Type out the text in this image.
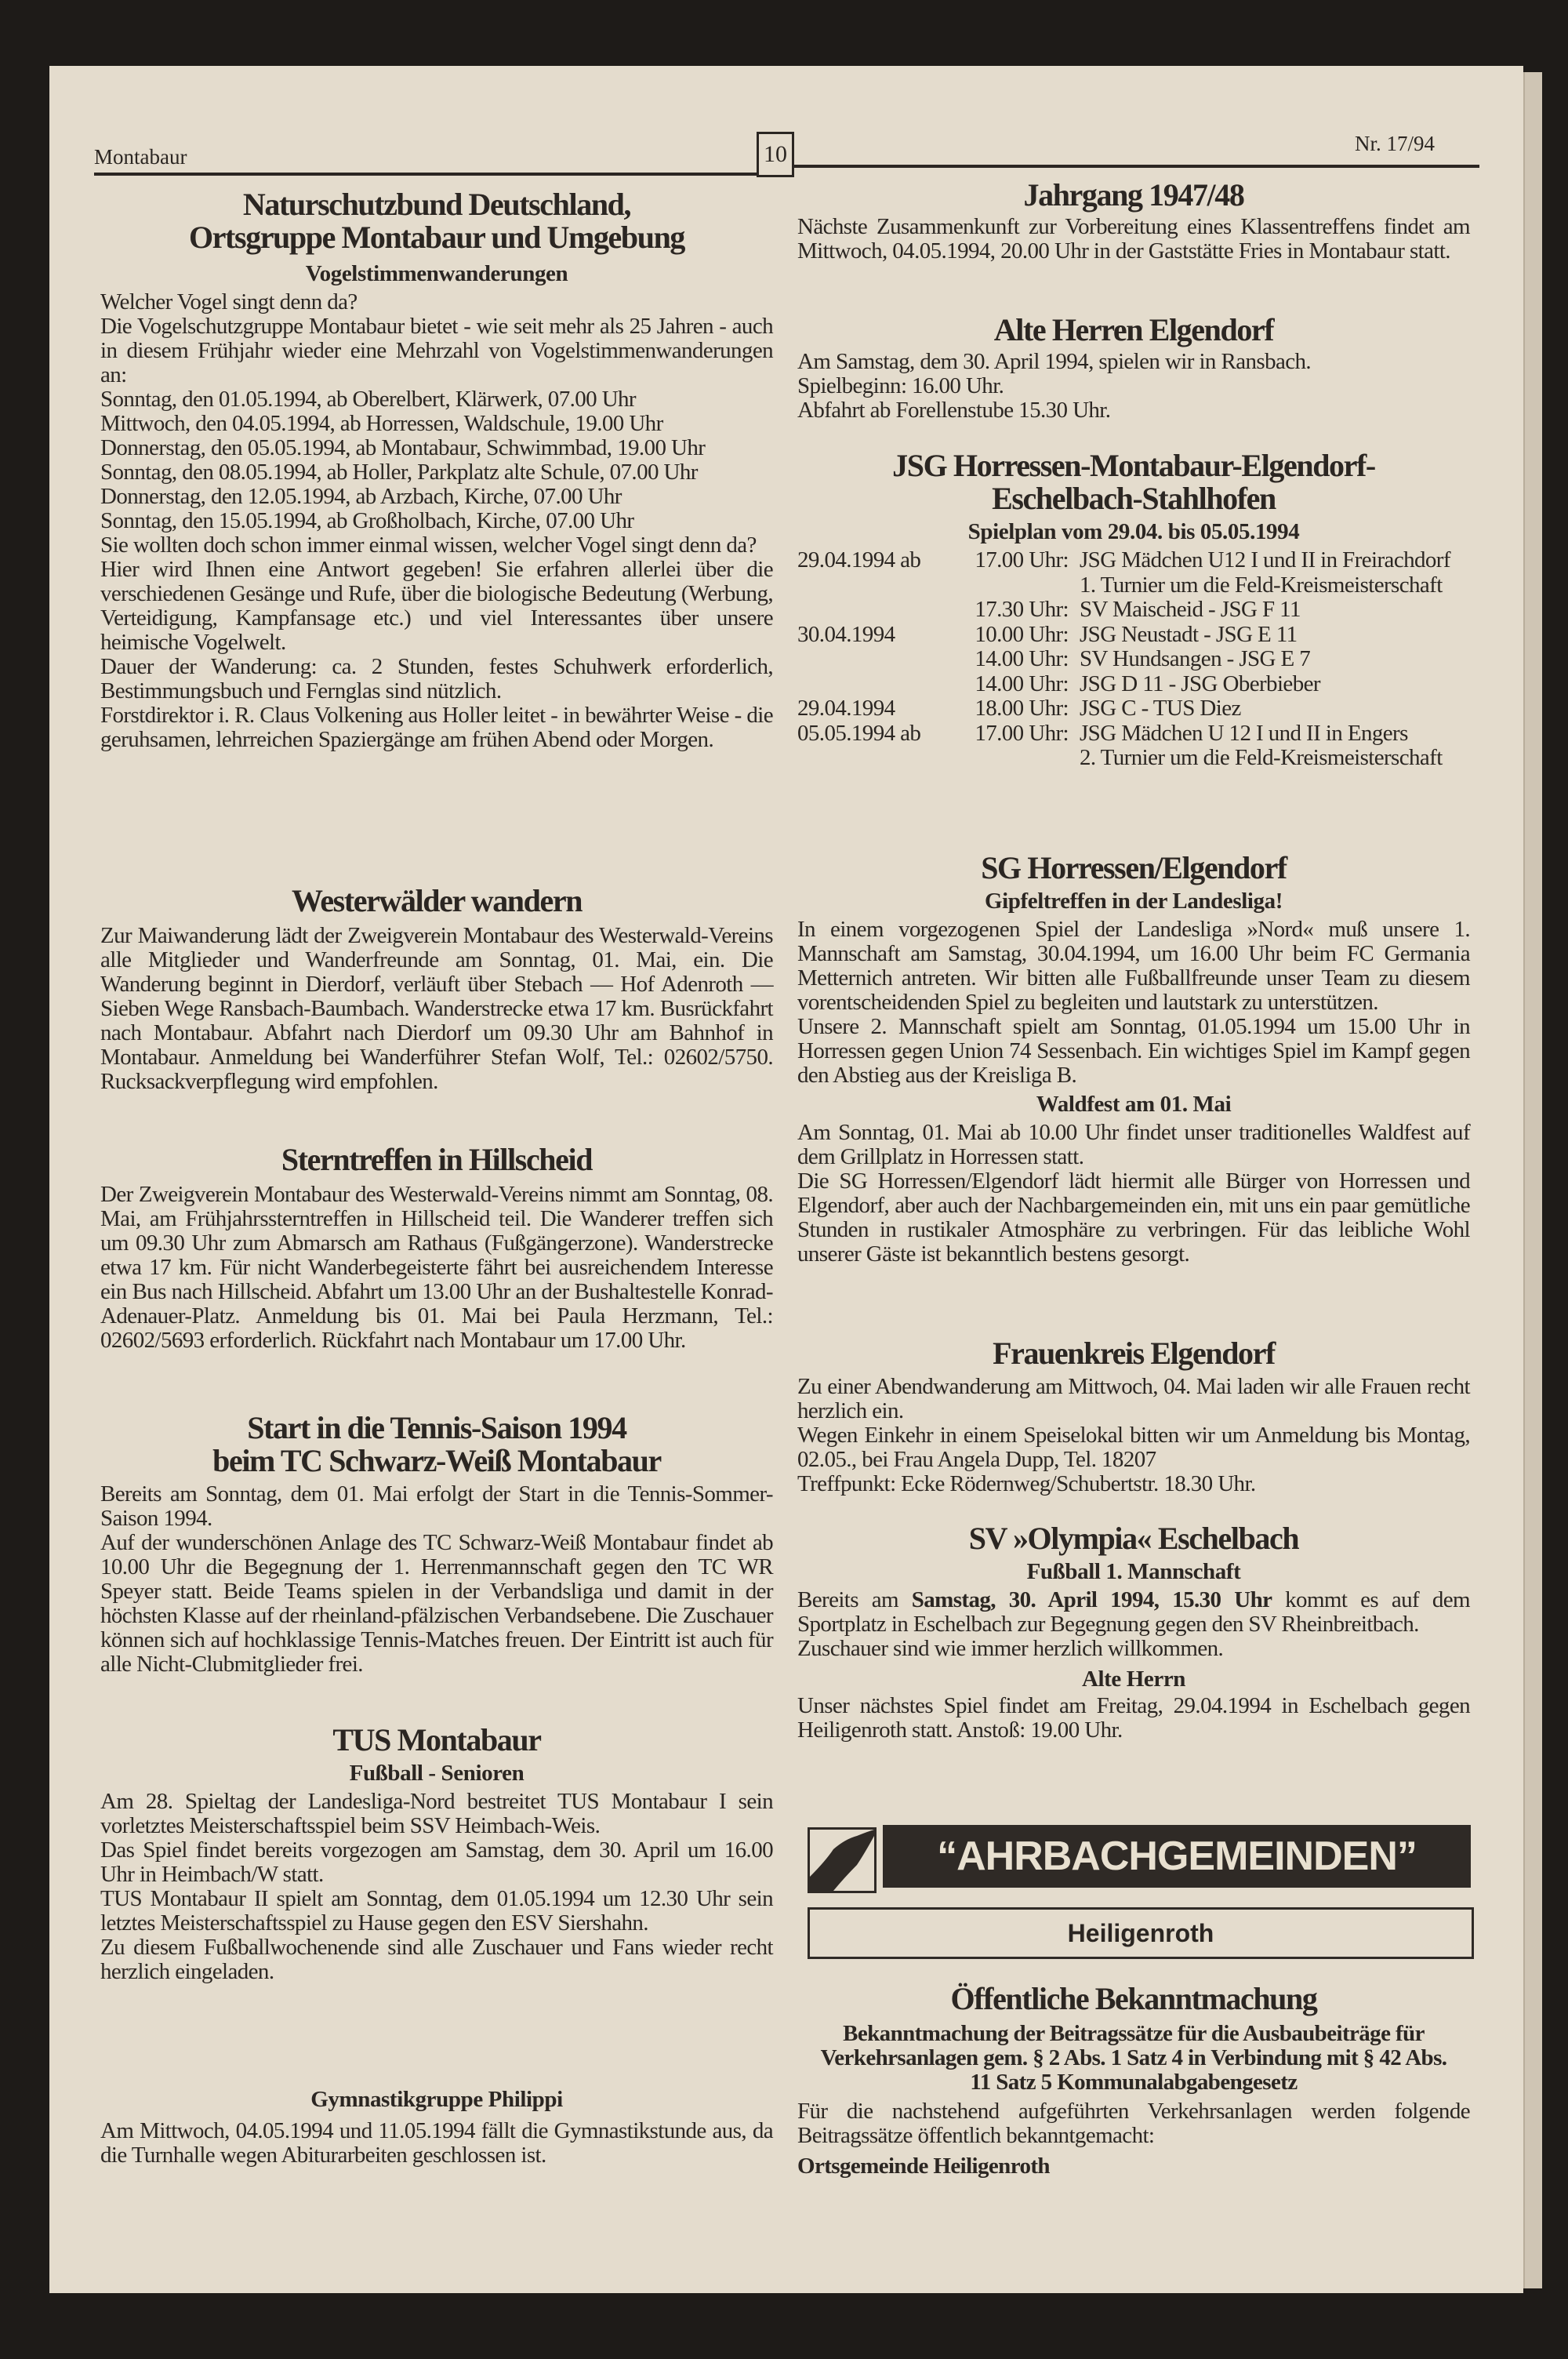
Montabaur
Nr. 17/94
10
Naturschutzbund Deutschland,
Ortsgruppe Montabaur und Umgebung
Vogelstimmenwanderungen

Welcher Vogel singt denn da?

Die Vogelschutzgruppe Montabaur bietet - wie seit mehr als 25 Jahren - auch in diesem Frühjahr wieder eine Mehrzahl von Vogelstimmenwanderungen an:

Sonntag, den 01.05.1994, ab Oberelbert, Klärwerk, 07.00 Uhr

Mittwoch, den 04.05.1994, ab Horressen, Waldschule, 19.00 Uhr

Donnerstag, den 05.05.1994, ab Montabaur, Schwimmbad, 19.00 Uhr

Sonntag, den 08.05.1994, ab Holler, Parkplatz alte Schule, 07.00 Uhr

Donnerstag, den 12.05.1994, ab Arzbach, Kirche, 07.00 Uhr

Sonntag, den 15.05.1994, ab Großholbach, Kirche, 07.00 Uhr

Sie wollten doch schon immer einmal wissen, welcher Vogel singt denn da?

Hier wird Ihnen eine Antwort gegeben! Sie erfahren allerlei über die verschiedenen Gesänge und Rufe, über die biologische Bedeutung (Werbung, Verteidigung, Kampfansage etc.) und viel Interessantes über unsere heimische Vogelwelt.

Dauer der Wanderung: ca. 2 Stunden, festes Schuhwerk erforderlich, Bestimmungsbuch und Fernglas sind nützlich.

Forstdirektor i. R. Claus Volkening aus Holler leitet - in bewährter Weise - die geruhsamen, lehrreichen Spaziergänge am frühen Abend oder Morgen.

Westerwälder wandern

Zur Maiwanderung lädt der Zweigverein Montabaur des Westerwald-Vereins alle Mitglieder und Wanderfreunde am Sonntag, 01. Mai, ein. Die Wanderung beginnt in Dierdorf, verläuft über Stebach — Hof Adenroth — Sieben Wege Ransbach-Baumbach. Wanderstrecke etwa 17 km. Busrückfahrt nach Montabaur. Abfahrt nach Dierdorf um 09.30 Uhr am Bahnhof in Montabaur. Anmeldung bei Wanderführer Stefan Wolf, Tel.: 02602/5750. Rucksackverpflegung wird empfohlen.

Sterntreffen in Hillscheid

Der Zweigverein Montabaur des Westerwald-Vereins nimmt am Sonntag, 08. Mai, am Frühjahrssterntreffen in Hillscheid teil. Die Wanderer treffen sich um 09.30 Uhr zum Abmarsch am Rathaus (Fußgängerzone). Wanderstrecke etwa 17 km. Für nicht Wanderbegeisterte fährt bei ausreichendem Interesse ein Bus nach Hillscheid. Abfahrt um 13.00 Uhr an der Bushaltestelle Konrad-Adenauer-Platz. Anmeldung bis 01. Mai bei Paula Herzmann, Tel.: 02602/5693 erforderlich. Rückfahrt nach Montabaur um 17.00 Uhr.

Start in die Tennis-Saison 1994
beim TC Schwarz-Weiß Montabaur

Bereits am Sonntag, dem 01. Mai erfolgt der Start in die Tennis-Sommer-Saison 1994.

Auf der wunderschönen Anlage des TC Schwarz-Weiß Montabaur findet ab 10.00 Uhr die Begegnung der 1. Herrenmannschaft gegen den TC WR Speyer statt. Beide Teams spielen in der Verbandsliga und damit in der höchsten Klasse auf der rheinland-pfälzischen Verbandsebene. Die Zuschauer können sich auf hochklassige Tennis-Matches freuen. Der Eintritt ist auch für alle Nicht-Clubmitglieder frei.

TUS Montabaur
Fußball - Senioren

Am 28. Spieltag der Landesliga-Nord bestreitet TUS Montabaur I sein vorletztes Meisterschaftsspiel beim SSV Heimbach-Weis.

Das Spiel findet bereits vorgezogen am Samstag, dem 30. April um 16.00 Uhr in Heimbach/W statt.

TUS Montabaur II spielt am Sonntag, dem 01.05.1994 um 12.30 Uhr sein letztes Meisterschaftsspiel zu Hause gegen den ESV Siershahn.

Zu diesem Fußballwochenende sind alle Zuschauer und Fans wieder recht herzlich eingeladen.

Gymnastikgruppe Philippi

Am Mittwoch, 04.05.1994 und 11.05.1994 fällt die Gymnastikstunde aus, da die Turnhalle wegen Abiturarbeiten geschlossen ist.

Jahrgang 1947/48

Nächste Zusammenkunft zur Vorbereitung eines Klassentreffens findet am Mittwoch, 04.05.1994, 20.00 Uhr in der Gaststätte Fries in Montabaur statt.

Alte Herren Elgendorf

Am Samstag, dem 30. April 1994, spielen wir in Ransbach.

Spielbeginn: 16.00 Uhr.

Abfahrt ab Forellenstube 15.30 Uhr.

JSG Horressen-Montabaur-Elgendorf-
Eschelbach-Stahlhofen
Spielplan vom 29.04. bis 05.05.1994
29.04.1994 ab	17.00 Uhr: JSG Mädchen U12 I und II in Freirachdorf
1. Turnier um die Feld-Kreismeisterschaft
17.30 Uhr: SV Maischeid - JSG F 11
30.04.1994	10.00 Uhr: JSG Neustadt - JSG E 11
14.00 Uhr: SV Hundsangen - JSG E 7
14.00 Uhr: JSG D 11 - JSG Oberbieber
29.04.1994	18.00 Uhr: JSG C - TUS Diez
05.05.1994 ab	17.00 Uhr: JSG Mädchen U 12 I und II in Engers
2. Turnier um die Feld-Kreismeisterschaft
SG Horressen/Elgendorf
Gipfeltreffen in der Landesliga!

In einem vorgezogenen Spiel der Landesliga »Nord« muß unsere 1. Mannschaft am Samstag, 30.04.1994, um 16.00 Uhr beim FC Germania Metternich antreten. Wir bitten alle Fußballfreunde unser Team zu diesem vorentscheidenden Spiel zu begleiten und lautstark zu unterstützen.

Unsere 2. Mannschaft spielt am Sonntag, 01.05.1994 um 15.00 Uhr in Horressen gegen Union 74 Sessenbach. Ein wichtiges Spiel im Kampf gegen den Abstieg aus der Kreisliga B.

Waldfest am 01. Mai

Am Sonntag, 01. Mai ab 10.00 Uhr findet unser traditionelles Waldfest auf dem Grillplatz in Horressen statt.

Die SG Horressen/Elgendorf lädt hiermit alle Bürger von Horressen und Elgendorf, aber auch der Nachbargemeinden ein, mit uns ein paar gemütliche Stunden in rustikaler Atmosphäre zu verbringen. Für das leibliche Wohl unserer Gäste ist bekanntlich bestens gesorgt.

Frauenkreis Elgendorf

Zu einer Abendwanderung am Mittwoch, 04. Mai laden wir alle Frauen recht herzlich ein.

Wegen Einkehr in einem Speiselokal bitten wir um Anmeldung bis Montag, 02.05., bei Frau Angela Dupp, Tel. 18207

Treffpunkt: Ecke Rödernweg/Schubertstr. 18.30 Uhr.

SV »Olympia« Eschelbach
Fußball 1. Mannschaft

Bereits am Samstag, 30. April 1994, 15.30 Uhr kommt es auf dem Sportplatz in Eschelbach zur Begegnung gegen den SV Rheinbreitbach.

Zuschauer sind wie immer herzlich willkommen.

Alte Herrn

Unser nächstes Spiel findet am Freitag, 29.04.1994 in Eschelbach gegen Heiligenroth statt. Anstoß: 19.00 Uhr.

“AHRBACHGEMEINDEN”
Heiligenroth
Öffentliche Bekanntmachung

Bekanntmachung der Beitragssätze für die Ausbaubeiträge für Verkehrsanlagen gem. § 2 Abs. 1 Satz 4 in Verbindung mit § 42 Abs. 11 Satz 5 Kommunalabgabengesetz

Für die nachstehend aufgeführten Verkehrsanlagen werden folgende Beitragssätze öffentlich bekanntgemacht:

Ortsgemeinde Heiligenroth
